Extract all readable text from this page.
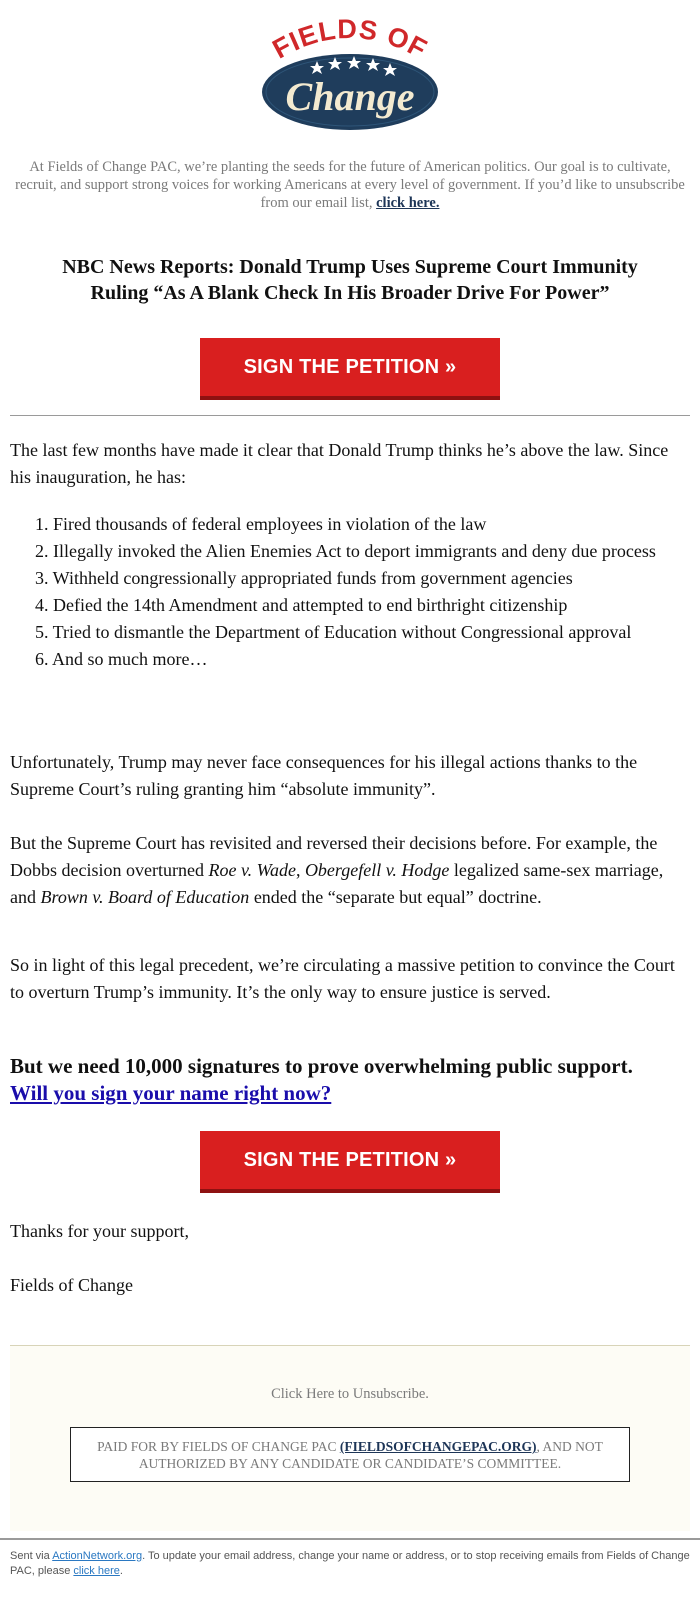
FIELDS OF
Change
At Fields of Change PAC, we’re planting the seeds for the future of American politics. Our goal is to cultivate, recruit, and support strong voices for working Americans at every level of government. If you’d like to unsubscribe from our email list, click here.
NBC News Reports: Donald Trump Uses Supreme Court Immunity
Ruling “As A Blank Check In His Broader Drive For Power”
SIGN THE PETITION »
The last few months have made it clear that Donald Trump thinks he’s above the law. Since his inauguration, he has:
1. Fired thousands of federal employees in violation of the law
2. Illegally invoked the Alien Enemies Act to deport immigrants and deny due process
3. Withheld congressionally appropriated funds from government agencies
4. Defied the 14th Amendment and attempted to end birthright citizenship
5. Tried to dismantle the Department of Education without Congressional approval
6. And so much more…
Unfortunately, Trump may never face consequences for his illegal actions thanks to the Supreme Court’s ruling granting him “absolute immunity”.
But the Supreme Court has revisited and reversed their decisions before. For example, the Dobbs decision overturned Roe v. Wade, Obergefell v. Hodge legalized same-sex marriage, and Brown v. Board of Education ended the “separate but equal” doctrine.
So in light of this legal precedent, we’re circulating a massive petition to convince the Court to overturn Trump’s immunity. It’s the only way to ensure justice is served.
But we need 10,000 signatures to prove overwhelming public support.
Will you sign your name right now?
SIGN THE PETITION »
Thanks for your support,
Fields of Change
Click Here to Unsubscribe.
PAID FOR BY FIELDS OF CHANGE PAC (FIELDSOFCHANGEPAC.ORG), AND NOT AUTHORIZED BY ANY CANDIDATE OR CANDIDATE’S COMMITTEE.
Sent via ActionNetwork.org. To update your email address, change your name or address, or to stop receiving emails from Fields of Change PAC, please click here.
